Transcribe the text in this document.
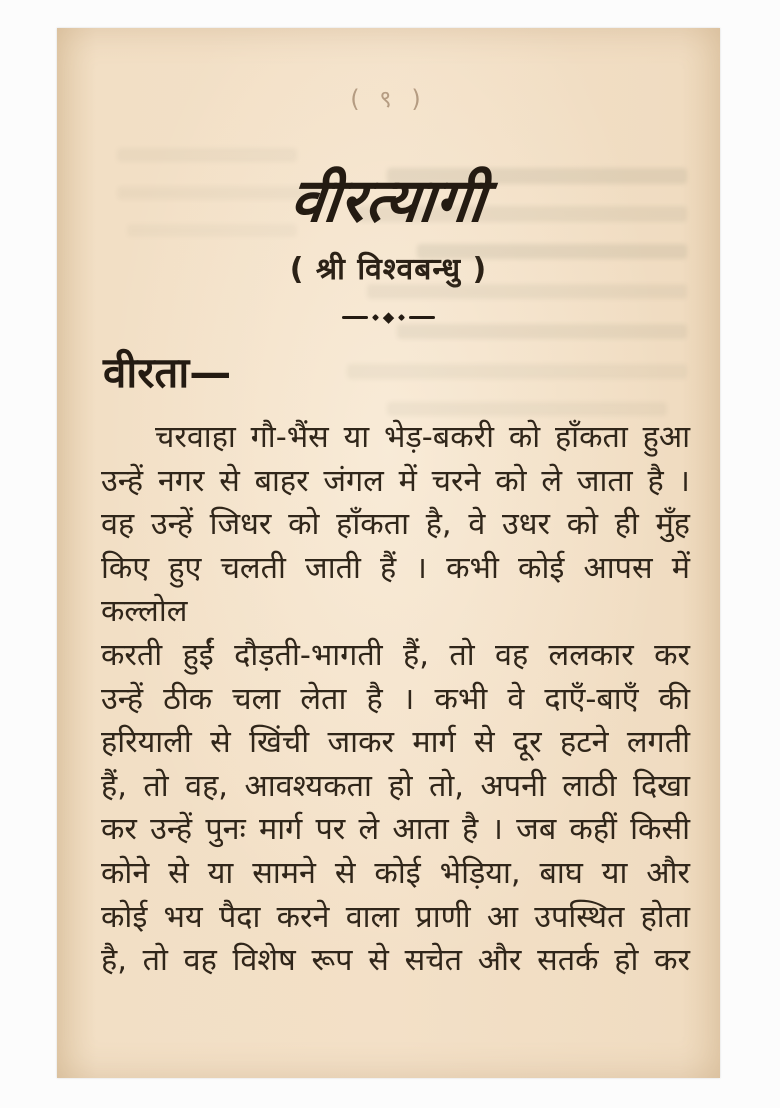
( ९ )
वीरत्यागी
( श्री विश्वबन्धु )
◆
वीरता—
चरवाहा गौ-भैंस या भेड़-बकरी को हाँकता हुआ
उन्हें नगर से बाहर जंगल में चरने को ले जाता है ।
वह उन्हें जिधर को हाँकता है, वे उधर को ही मुँह
किए हुए चलती जाती हैं । कभी कोई आपस में कल्लोल
करती हुईं दौड़ती-भागती हैं, तो वह ललकार कर
उन्हें ठीक चला लेता है । कभी वे दाएँ-बाएँ की
हरियाली से खिंची जाकर मार्ग से दूर हटने लगती
हैं, तो वह, आवश्यकता हो तो, अपनी लाठी दिखा
कर उन्हें पुनः मार्ग पर ले आता है । जब कहीं किसी
कोने से या सामने से कोई भेड़िया, बाघ या और
कोई भय पैदा करने वाला प्राणी आ उपस्थित होता
है, तो वह विशेष रूप से सचेत और सतर्क हो कर
